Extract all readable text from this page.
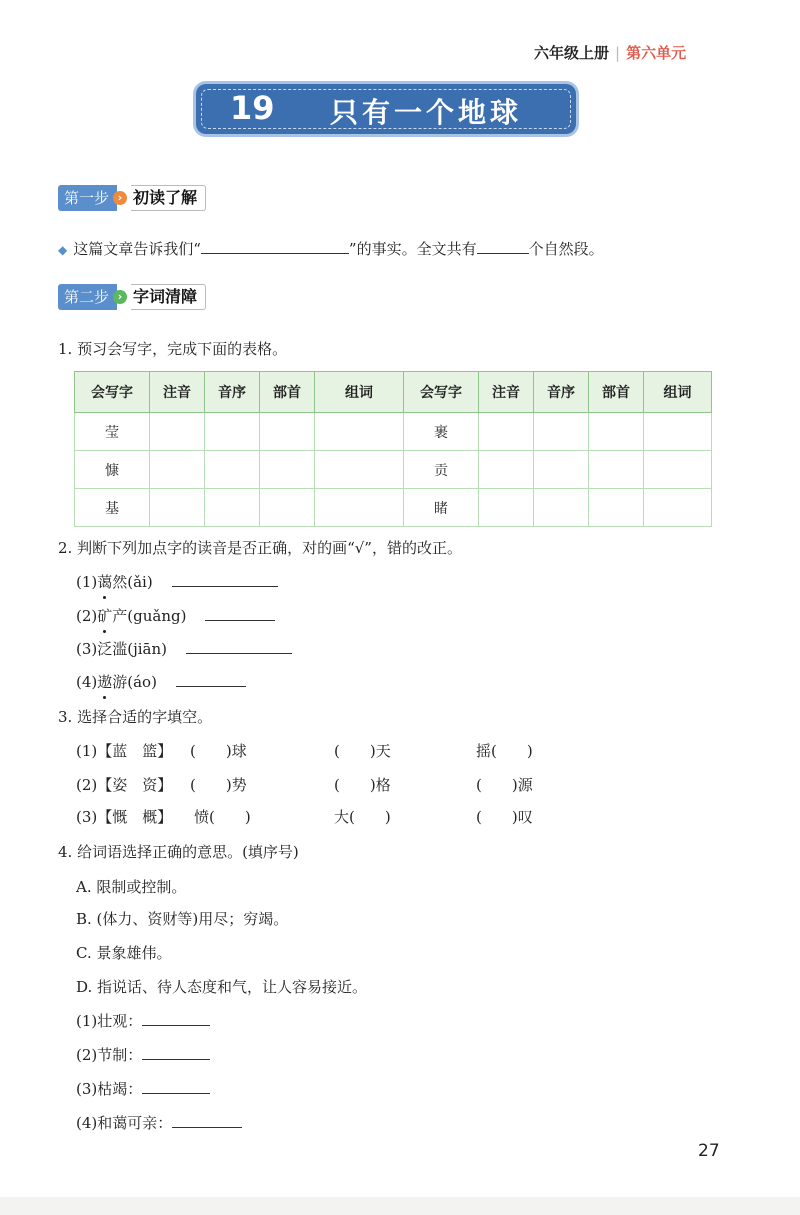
六年级上册 | 第六单元
19 只有一个地球
第一步 › 初读了解
◆ 这篇文章告诉我们“	”的事实。全文共有	个自然段。
第二步 › 字词清障
1. 预习会写字，完成下面的表格。
会写字	注音	音序	部首	组词	会写字	注音	音序	部首	组词
莹					裹				
慷					贡				
基					睹				
2. 判断下列加点字的读音是否正确，对的画“√”，错的改正。
(1)蔼然(ǎi)
(2)矿产(guǎng)
(3)泛滥(jiān)
(4)遨游(áo)
3. 选择合适的字填空。
(1)【蓝　篮】 (　　)球	(　　)天	摇(　　)
(2)【姿　资】 (　　)势	(　　)格	(　　)源
(3)【慨　概】 愤(　　)	大(　　)	(　　)叹
4. 给词语选择正确的意思。(填序号)
A. 限制或控制。
B. (体力、资财等)用尽；穷竭。
C. 景象雄伟。
D. 指说话、待人态度和气，让人容易接近。
(1)壮观：
(2)节制：
(3)枯竭：
(4)和蔼可亲：
27
